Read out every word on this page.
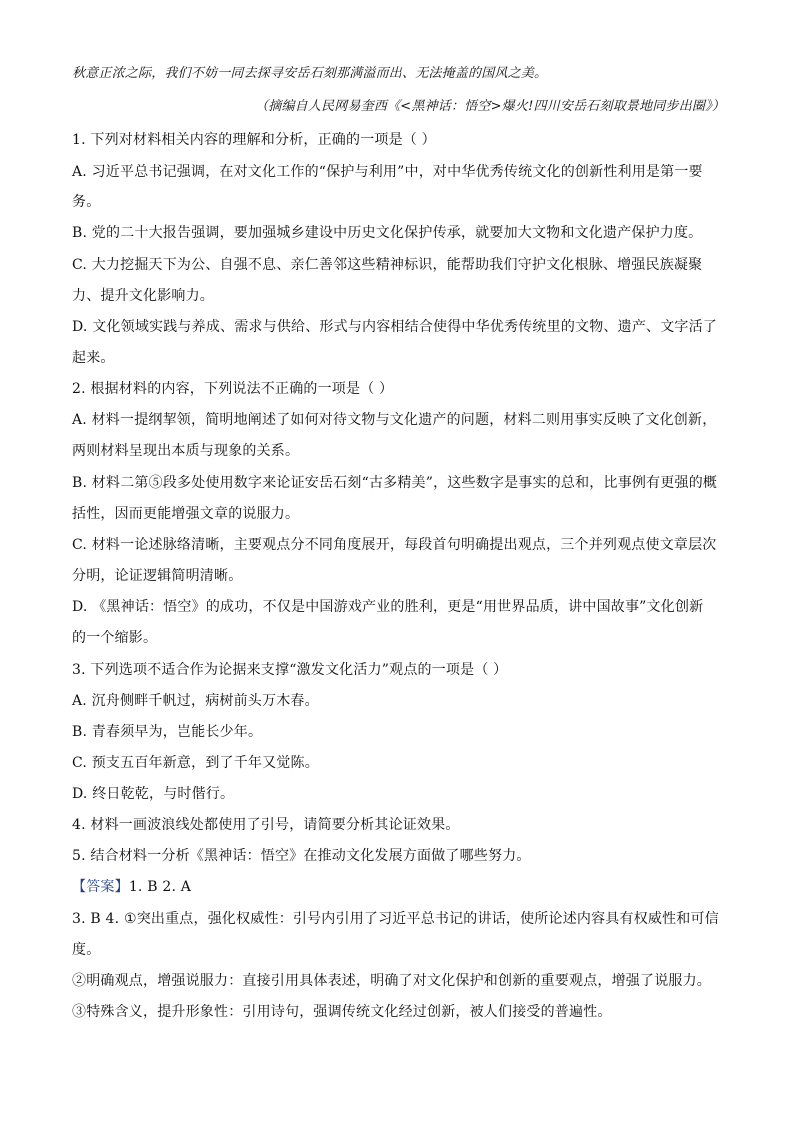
秋意正浓之际，我们不妨一同去探寻安岳石刻那满溢而出、无法掩盖的国风之美。
（摘编自人民网易奎西《<黑神话：悟空>爆火!四川安岳石刻取景地同步出圈》）
1. 下列对材料相关内容的理解和分析，正确的一项是（ ）
A. 习近平总书记强调，在对文化工作的“保护与利用”中，对中华优秀传统文化的创新性利用是第一要
务。
B. 党的二十大报告强调，要加强城乡建设中历史文化保护传承，就要加大文物和文化遗产保护力度。
C. 大力挖掘天下为公、自强不息、亲仁善邻这些精神标识，能帮助我们守护文化根脉、增强民族凝聚
力、提升文化影响力。
D. 文化领域实践与养成、需求与供给、形式与内容相结合使得中华优秀传统里的文物、遗产、文字活了
起来。
2. 根据材料的内容，下列说法不正确的一项是（ ）
A. 材料一提纲挈领，简明地阐述了如何对待文物与文化遗产的问题，材料二则用事实反映了文化创新，
两则材料呈现出本质与现象的关系。
B. 材料二第⑤段多处使用数字来论证安岳石刻“古多精美”，这些数字是事实的总和，比事例有更强的概
括性，因而更能增强文章的说服力。
C. 材料一论述脉络清晰，主要观点分不同角度展开，每段首句明确提出观点，三个并列观点使文章层次
分明，论证逻辑简明清晰。
D. 《黑神话：悟空》的成功，不仅是中国游戏产业的胜利，更是“用世界品质，讲中国故事”文化创新
的一个缩影。
3. 下列选项不适合作为论据来支撑“激发文化活力”观点的一项是（ ）
A. 沉舟侧畔千帆过，病树前头万木春。
B. 青春须早为，岂能长少年。
C. 预支五百年新意，到了千年又觉陈。
D. 终日乾乾，与时偕行。
4. 材料一画波浪线处都使用了引号，请简要分析其论证效果。
5. 结合材料一分析《黑神话：悟空》在推动文化发展方面做了哪些努力。
【答案】1. B 2. A
3. B 4. ①突出重点，强化权威性：引号内引用了习近平总书记的讲话，使所论述内容具有权威性和可信
度。
②明确观点，增强说服力：直接引用具体表述，明确了对文化保护和创新的重要观点，增强了说服力。
③特殊含义，提升形象性：引用诗句，强调传统文化经过创新，被人们接受的普遍性。
